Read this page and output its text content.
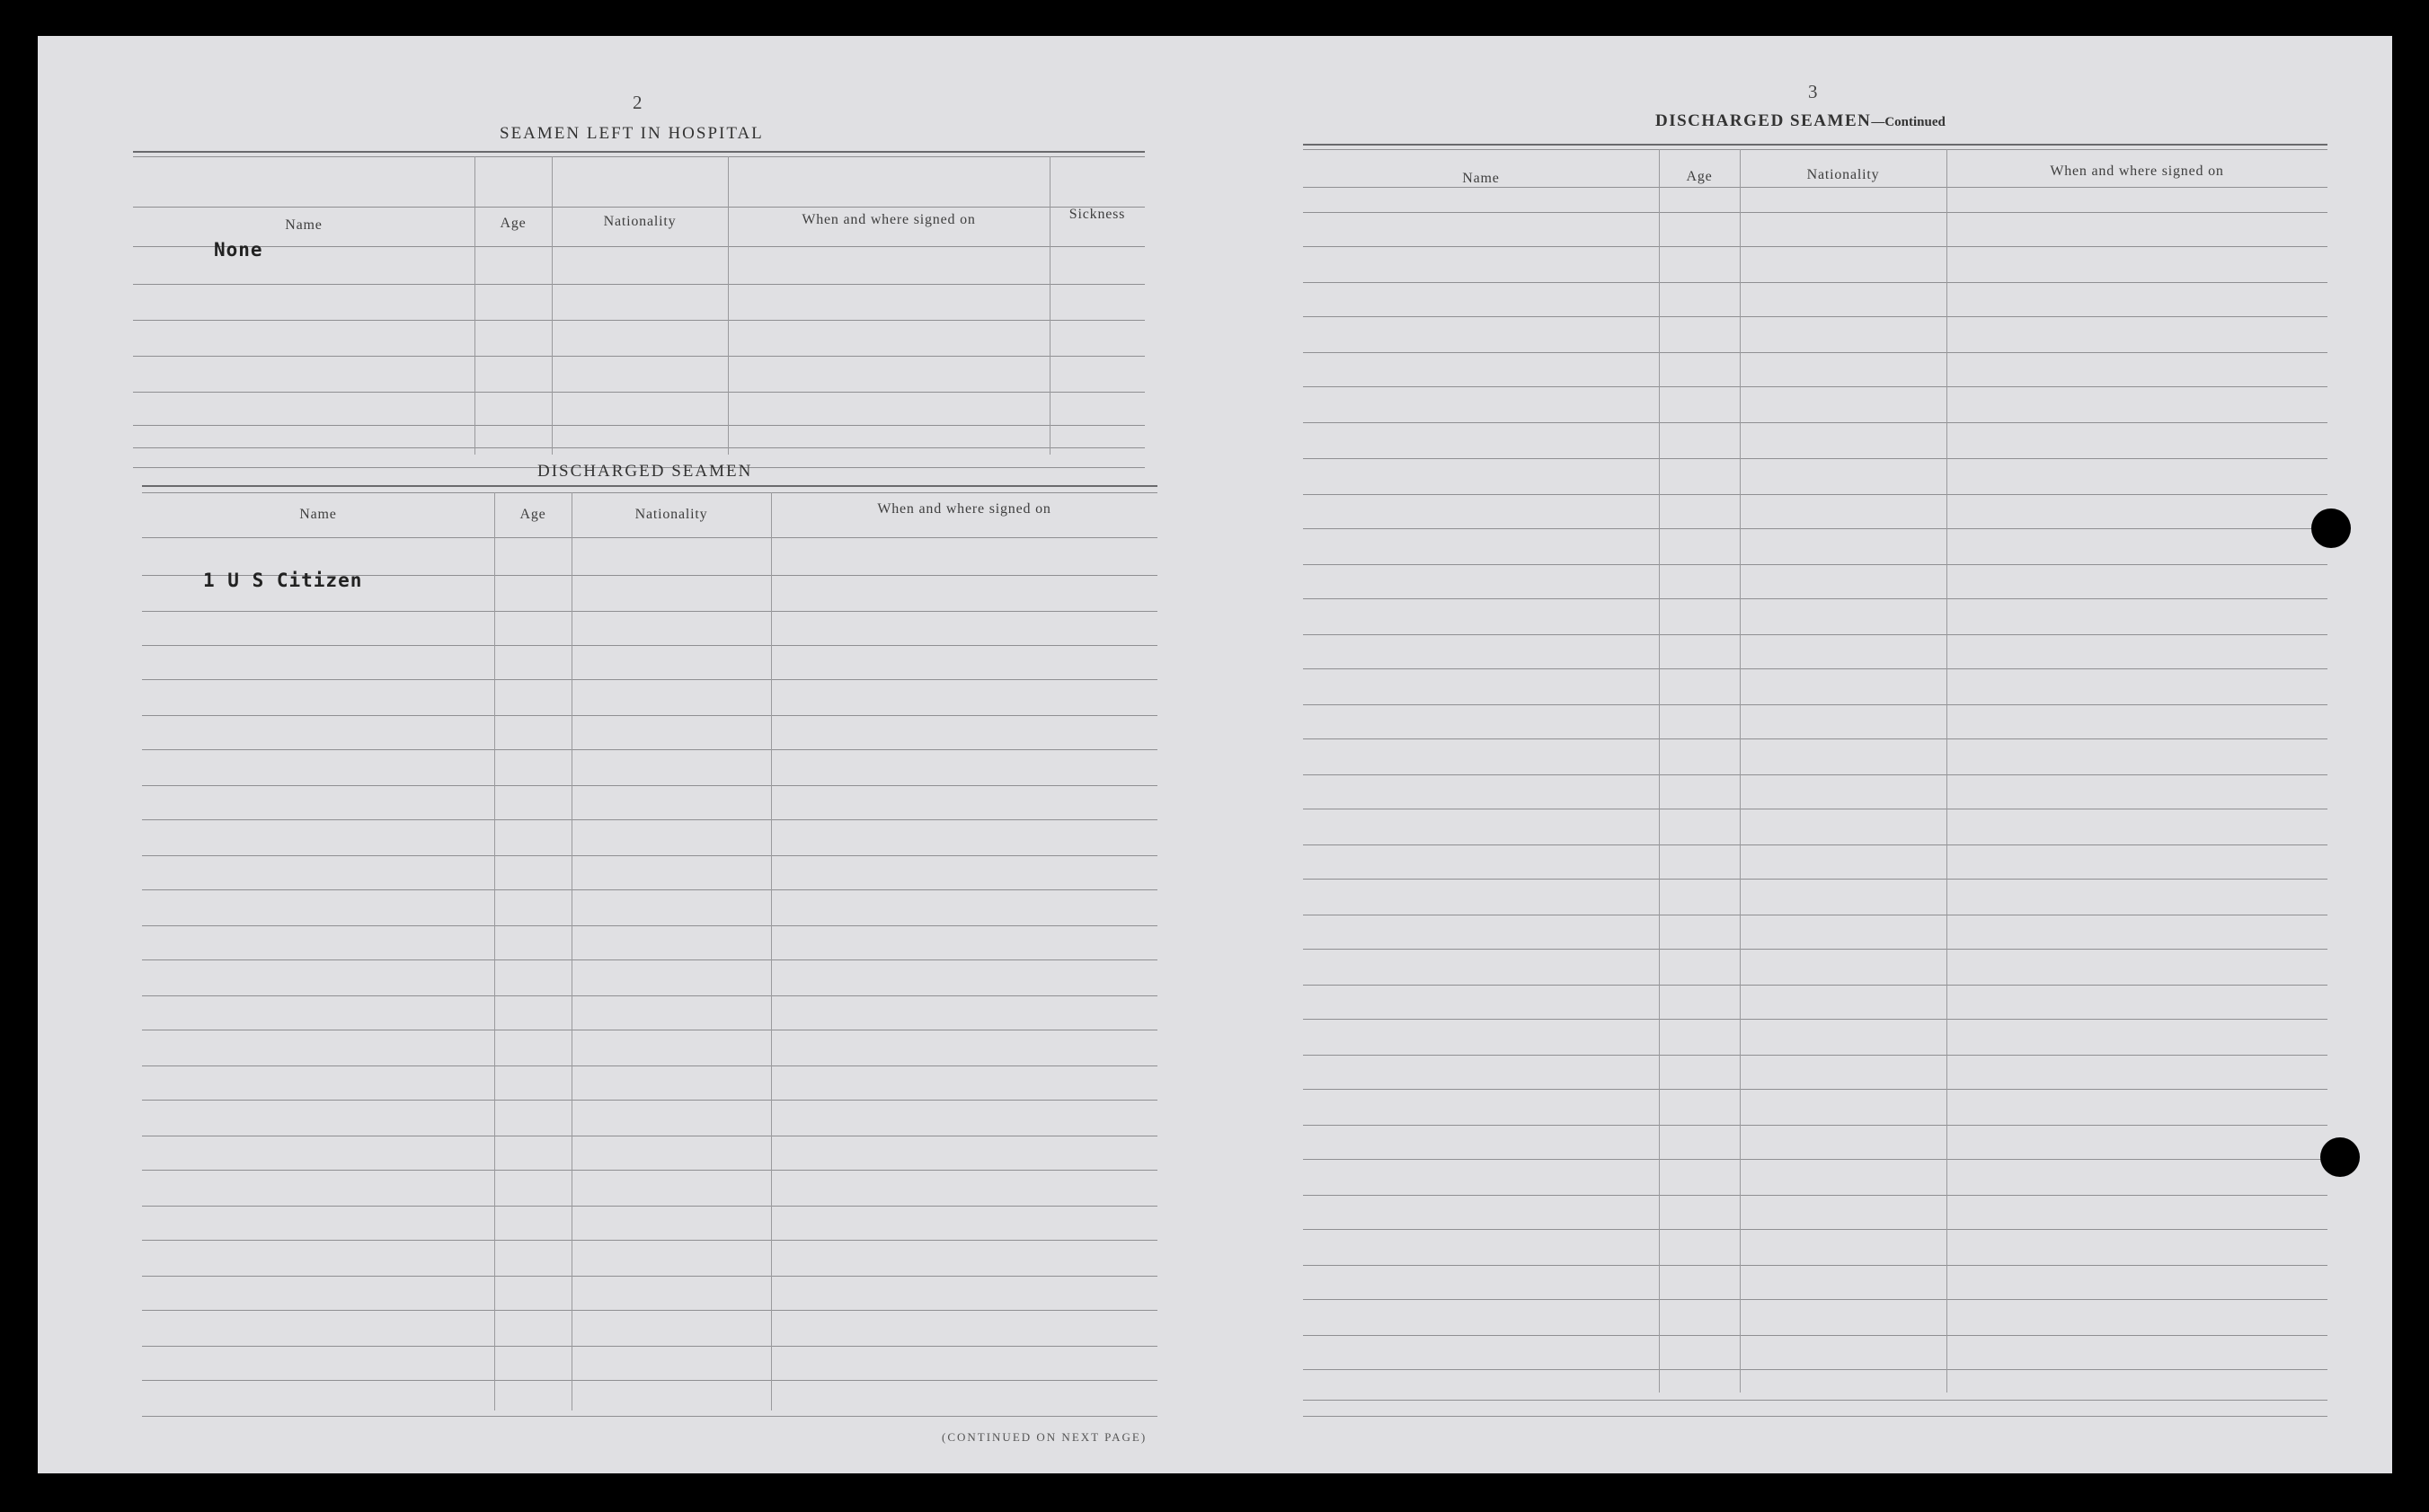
2
SEAMEN LEFT IN HOSPITAL
Name	Age	Nationality	When and where signed on	Sickness
None
DISCHARGED SEAMEN
Name	Age	Nationality	When and where signed on
1 U S Citizen
(CONTINUED ON NEXT PAGE)
3
DISCHARGED SEAMEN—Continued
Name	Age	Nationality	When and where signed on
